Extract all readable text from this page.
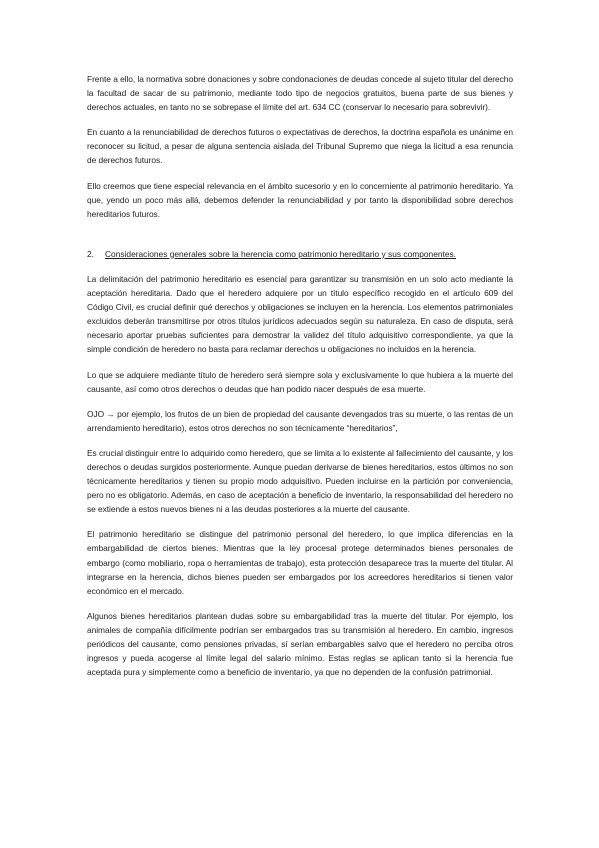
Frente a ello, la normativa sobre donaciones y sobre condonaciones de deudas concede al sujeto titular del derecho la facultad de sacar de su patrimonio, mediante todo tipo de negocios gratuitos, buena parte de sus bienes y derechos actuales, en tanto no se sobrepase el límite del art. 634 CC (conservar lo necesario para sobrevivir).

En cuanto a la renunciabilidad de derechos futuros o expectativas de derechos, la doctrina española es unánime en reconocer su licitud, a pesar de alguna sentencia aislada del Tribunal Supremo que niega la licitud a esa renuncia de derechos futuros.

Ello creemos que tiene especial relevancia en el ámbito sucesorio y en lo concerniente al patrimonio hereditario. Ya que, yendo un poco más allá, debemos defender la renunciabilidad y por tanto la disponibilidad sobre derechos hereditarios futuros.

2.	Consideraciones generales sobre la herencia como patrimonio hereditario y sus componentes.

La delimitación del patrimonio hereditario es esencial para garantizar su transmisión en un solo acto mediante la aceptación hereditaria. Dado que el heredero adquiere por un título específico recogido en el artículo 609 del Código Civil, es crucial definir qué derechos y obligaciones se incluyen en la herencia. Los elementos patrimoniales excluidos deberán transmitirse por otros títulos jurídicos adecuados según su naturaleza. En caso de disputa, será necesario aportar pruebas suficientes para demostrar la validez del título adquisitivo correspondiente, ya que la simple condición de heredero no basta para reclamar derechos u obligaciones no incluidos en la herencia.

Lo que se adquiere mediante título de heredero será siempre sola y exclusivamente lo que hubiera a la muerte del causante, así como otros derechos o deudas que han podido nacer después de esa muerte.

OJO → por ejemplo, los frutos de un bien de propiedad del causante devengados tras su muerte, o las rentas de un arrendamiento hereditario), estos otros derechos no son técnicamente “hereditarios”,

Es crucial distinguir entre lo adquirido como heredero, que se limita a lo existente al fallecimiento del causante, y los derechos o deudas surgidos posteriormente. Aunque puedan derivarse de bienes hereditarios, estos últimos no son técnicamente hereditarios y tienen su propio modo adquisitivo. Pueden incluirse en la partición por conveniencia, pero no es obligatorio. Además, en caso de aceptación a beneficio de inventario, la responsabilidad del heredero no se extiende a estos nuevos bienes ni a las deudas posteriores a la muerte del causante.

El patrimonio hereditario se distingue del patrimonio personal del heredero, lo que implica diferencias en la embargabilidad de ciertos bienes. Mientras que la ley procesal protege determinados bienes personales de embargo (como mobiliario, ropa o herramientas de trabajo), esta protección desaparece tras la muerte del titular. Al integrarse en la herencia, dichos bienes pueden ser embargados por los acreedores hereditarios si tienen valor económico en el mercado.

Algunos bienes hereditarios plantean dudas sobre su embargabilidad tras la muerte del titular. Por ejemplo, los animales de compañía difícilmente podrían ser embargados tras su transmisión al heredero. En cambio, ingresos periódicos del causante, como pensiones privadas, sí serían embargables salvo que el heredero no perciba otros ingresos y pueda acogerse al límite legal del salario mínimo. Estas reglas se aplican tanto si la herencia fue aceptada pura y simplemente como a beneficio de inventario, ya que no dependen de la confusión patrimonial.
